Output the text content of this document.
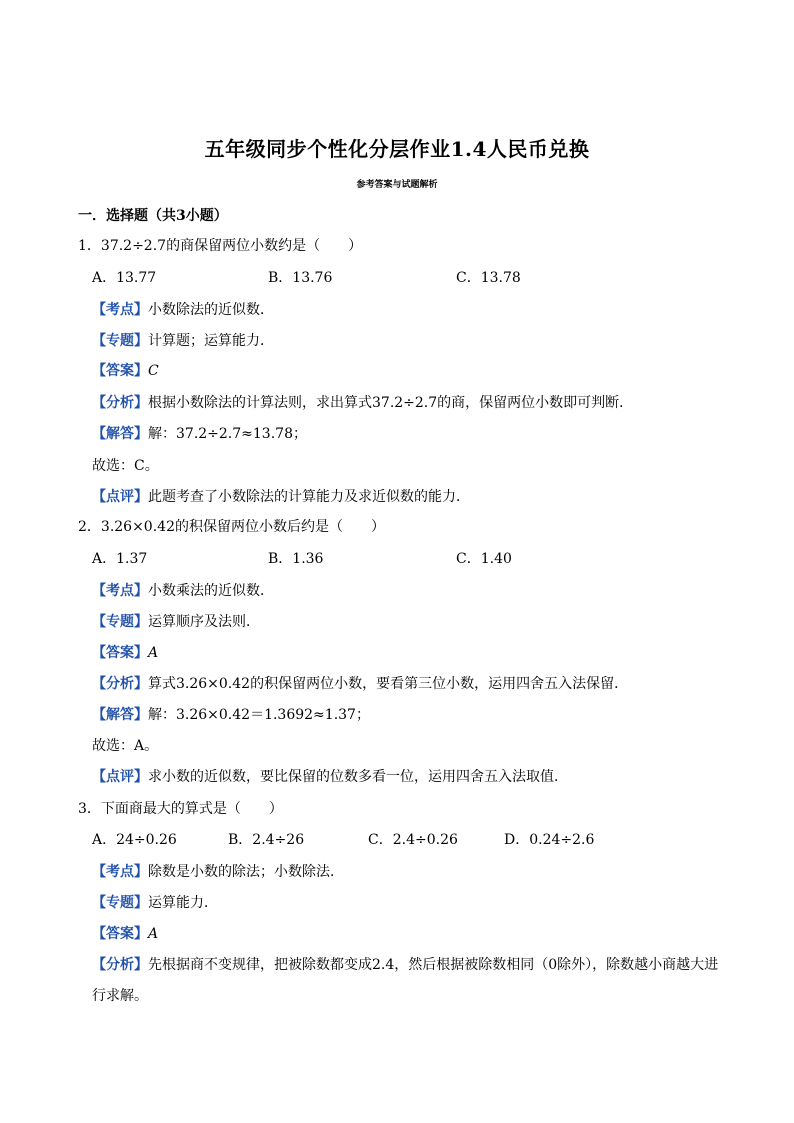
五年级同步个性化分层作业1.4人民币兑换
参考答案与试题解析
一．选择题（共3小题）
1．37.2÷2.7的商保留两位小数约是（　　）
A．13.77	B．13.76	C．13.78
【考点】小数除法的近似数．
【专题】计算题；运算能力．
【答案】C
【分析】根据小数除法的计算法则，求出算式37.2÷2.7的商，保留两位小数即可判断．
【解答】解：37.2÷2.7≈13.78；
故选：C。
【点评】此题考查了小数除法的计算能力及求近似数的能力．
2．3.26×0.42的积保留两位小数后约是（　　）
A．1.37	B．1.36	C．1.40
【考点】小数乘法的近似数．
【专题】运算顺序及法则．
【答案】A
【分析】算式3.26×0.42的积保留两位小数，要看第三位小数，运用四舍五入法保留．
【解答】解：3.26×0.42＝1.3692≈1.37；
故选：A。
【点评】求小数的近似数，要比保留的位数多看一位，运用四舍五入法取值．
3．下面商最大的算式是（　　）
A．24÷0.26	B．2.4÷26	C．2.4÷0.26	D．0.24÷2.6
【考点】除数是小数的除法；小数除法．
【专题】运算能力．
【答案】A
【分析】先根据商不变规律，把被除数都变成2.4，然后根据被除数相同（0除外），除数越小商越大进
行求解。
